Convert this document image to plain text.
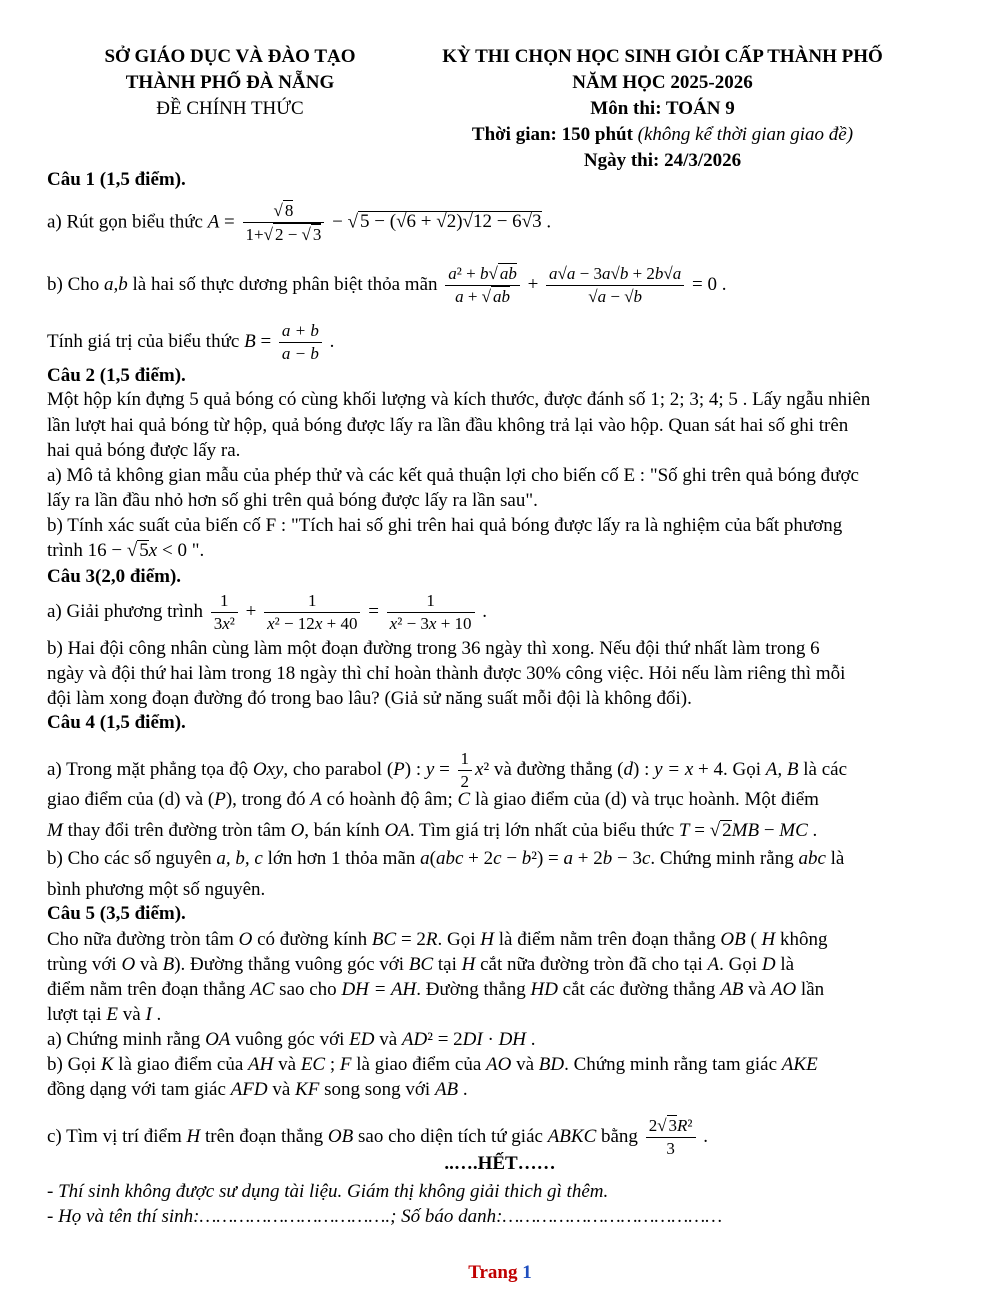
SỞ GIÁO DỤC VÀ ĐÀO TẠO
THÀNH PHỐ ĐÀ NẴNG
ĐỀ CHÍNH THỨC
KỲ THI CHỌN HỌC SINH GIỎI CẤP THÀNH PHỐ
NĂM HỌC 2025-2026
Môn thi: TOÁN 9
Thời gian: 150 phút (không kể thời gian giao đề)
Ngày thi: 24/3/2026
Câu 1 (1,5 điểm).
a) Rút gọn biểu thức $A = \frac{√ 8}{1+√ 2 - √ 3}$ − √ 5 − (√6 + √2)√12 − 6√3 .
b) Cho a,b là hai số thực dương phân biệt thỏa mãn $\frac{\text{a² + b√ ab}}{a + √ ab} + \frac{a√a - 3a√b + 2b√a}{√a - √b} = 0$ .
Tính giá trị của biểu thức $B = \frac{a + b}{a - b}$ .
Câu 2 (1,5 điểm).
Một hộp kín đựng 5 quả bóng có cùng khối lượng và kích thước, được đánh số 1; 2; 3; 4; 5 . Lấy ngẫu nhiên
lần lượt hai quả bóng từ hộp, quả bóng được lấy ra lần đầu không trả lại vào hộp. Quan sát hai số ghi trên
hai quả bóng được lấy ra.
a) Mô tả không gian mẫu của phép thử và các kết quả thuận lợi cho biến cố E : "Số ghi trên quả bóng được
lấy ra lần đầu nhỏ hơn số ghi trên quả bóng được lấy ra lần sau".
b) Tính xác suất của biến cố F : "Tích hai số ghi trên hai quả bóng được lấy ra là nghiệm của bất phương
trình 16 − √ 5x < 0 ".
Câu 3(2,0 điểm).
a) Giải phương trình $\frac{1}{\text{3x²}} + \frac{1}{\text{x² − 12x + 40}} = \frac{1}{\text{x² − 3x + 10}}$ .
b) Hai đội công nhân cùng làm một đoạn đường trong 36 ngày thì xong. Nếu đội thứ nhất làm trong 6
ngày và đội thứ hai làm trong 18 ngày thì chỉ hoàn thành được 30% công việc. Hỏi nếu làm riêng thì mỗi
đội làm xong đoạn đường đó trong bao lâu? (Giả sử năng suất mỗi đội là không đổi).
Câu 4 (1,5 điểm).
a) Trong mặt phẳng tọa độ Oxy, cho parabol (P) : $y = \frac{1}{2} x^2$ và đường thẳng (d) : y = x + 4. Gọi A, B là các
giao điểm của (d) và (P), trong đó A có hoành độ âm; C là giao điểm của (d) và trục hoành. Một điểm
M thay đổi trên đường tròn tâm O, bán kính OA. Tìm giá trị lớn nhất của biểu thức T = √ 2MB − MC .
b) Cho các số nguyên a, b, c lớn hơn 1 thỏa mãn a(abc + 2c − b²) = a + 2b − 3c. Chứng minh rằng abc là
bình phương một số nguyên.
Câu 5 (3,5 điểm).
Cho nữa đường tròn tâm O có đường kính BC = 2R. Gọi H là điểm nằm trên đoạn thẳng OB ( H không
trùng với O và B). Đường thẳng vuông góc với BC tại H cắt nữa đường tròn đã cho tại A. Gọi D là
điểm nằm trên đoạn thẳng AC sao cho DH = AH. Đường thẳng HD cắt các đường thẳng AB và AO lần
lượt tại E và I .
a) Chứng minh rằng OA vuông góc với ED và AD² = 2DI · DH .
b) Gọi K là giao điểm của AH và EC ; F là giao điểm của AO và BD. Chứng minh rằng tam giác AKE
đồng dạng với tam giác AFD và KF song song với AB .
c) Tìm vị trí điểm H trên đoạn thẳng OB sao cho diện tích tứ giác ABKC bằng $\frac{\text{2√ 3R²}}{3}$ .
..….HẾT……
- Thí sinh không được sư dụng tài liệu. Giám thị không giải thich gì thêm.
- Họ và tên thí sinh:…………………………….; Số báo danh:…………………………………
Trang 1
